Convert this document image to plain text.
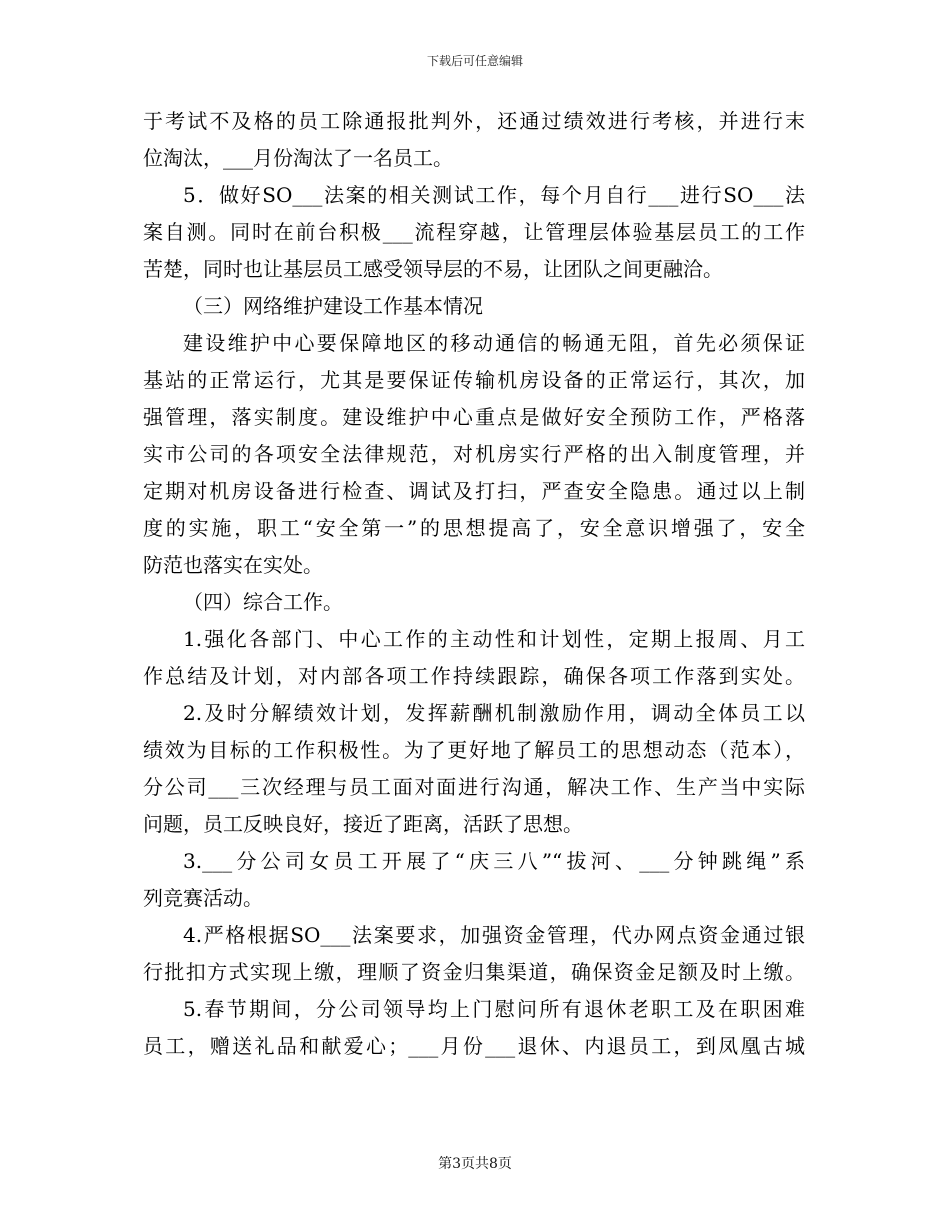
下载后可任意编辑
于考试不及格的员工除通报批判外，还通过绩效进行考核，并进行末
位淘汰，___月份淘汰了一名员工。
5．做好SO___法案的相关测试工作，每个月自行___进行SO___法
案自测。同时在前台积极___流程穿越，让管理层体验基层员工的工作
苦楚，同时也让基层员工感受领导层的不易，让团队之间更融洽。
（三）网络维护建设工作基本情况
建设维护中心要保障地区的移动通信的畅通无阻，首先必须保证
基站的正常运行，尤其是要保证传输机房设备的正常运行，其次，加
强管理，落实制度。建设维护中心重点是做好安全预防工作，严格落
实市公司的各项安全法律规范，对机房实行严格的出入制度管理，并
定期对机房设备进行检查、调试及打扫，严查安全隐患。通过以上制
度的实施，职工“安全第一”的思想提高了，安全意识增强了，安全
防范也落实在实处。
（四）综合工作。
1.强化各部门、中心工作的主动性和计划性，定期上报周、月工
作总结及计划，对内部各项工作持续跟踪，确保各项工作落到实处。
2.及时分解绩效计划，发挥薪酬机制激励作用，调动全体员工以
绩效为目标的工作积极性。为了更好地了解员工的思想动态（范本），
分公司___三次经理与员工面对面进行沟通，解决工作、生产当中实际
问题，员工反映良好，接近了距离，活跃了思想。
3.___分公司女员工开展了“庆三八”“拔河、___分钟跳绳”系
列竞赛活动。
4.严格根据SO___法案要求，加强资金管理，代办网点资金通过银
行批扣方式实现上缴，理顺了资金归集渠道，确保资金足额及时上缴。
5.春节期间，分公司领导均上门慰问所有退休老职工及在职困难
员工，赠送礼品和献爱心；___月份___退休、内退员工，到凤凰古城
第3页共8页
